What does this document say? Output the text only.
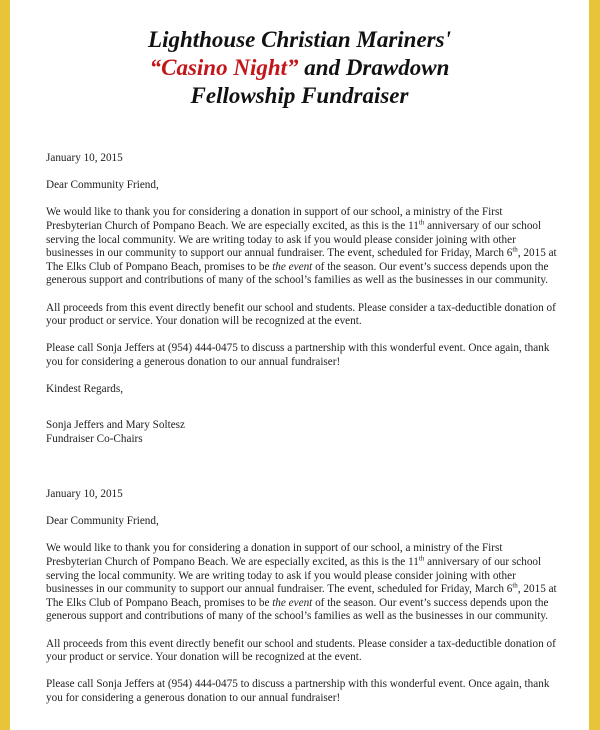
Lighthouse Christian Mariners'
“Casino Night” and Drawdown
Fellowship Fundraiser

January 10, 2015

Dear Community Friend,

We would like to thank you for considering a donation in support of our school, a ministry of the First Presbyterian Church of Pompano Beach. We are especially excited, as this is the 11th anniversary of our school serving the local community. We are writing today to ask if you would please consider joining with other businesses in our community to support our annual fundraiser. The event, scheduled for Friday, March 6th, 2015 at The Elks Club of Pompano Beach, promises to be the event of the season. Our event’s success depends upon the generous support and contributions of many of the school’s families as well as the businesses in our community.

All proceeds from this event directly benefit our school and students. Please consider a tax-deductible donation of your product or service. Your donation will be recognized at the event.

Please call Sonja Jeffers at (954) 444-0475 to discuss a partnership with this wonderful event. Once again, thank you for considering a generous donation to our annual fundraiser!

Kindest Regards,

Sonja Jeffers and Mary Soltesz
Fundraiser Co-Chairs

January 10, 2015

Dear Community Friend,

We would like to thank you for considering a donation in support of our school, a ministry of the First Presbyterian Church of Pompano Beach. We are especially excited, as this is the 11th anniversary of our school serving the local community. We are writing today to ask if you would please consider joining with other businesses in our community to support our annual fundraiser. The event, scheduled for Friday, March 6th, 2015 at The Elks Club of Pompano Beach, promises to be the event of the season. Our event’s success depends upon the generous support and contributions of many of the school’s families as well as the businesses in our community.

All proceeds from this event directly benefit our school and students. Please consider a tax-deductible donation of your product or service. Your donation will be recognized at the event.

Please call Sonja Jeffers at (954) 444-0475 to discuss a partnership with this wonderful event. Once again, thank you for considering a generous donation to our annual fundraiser!
